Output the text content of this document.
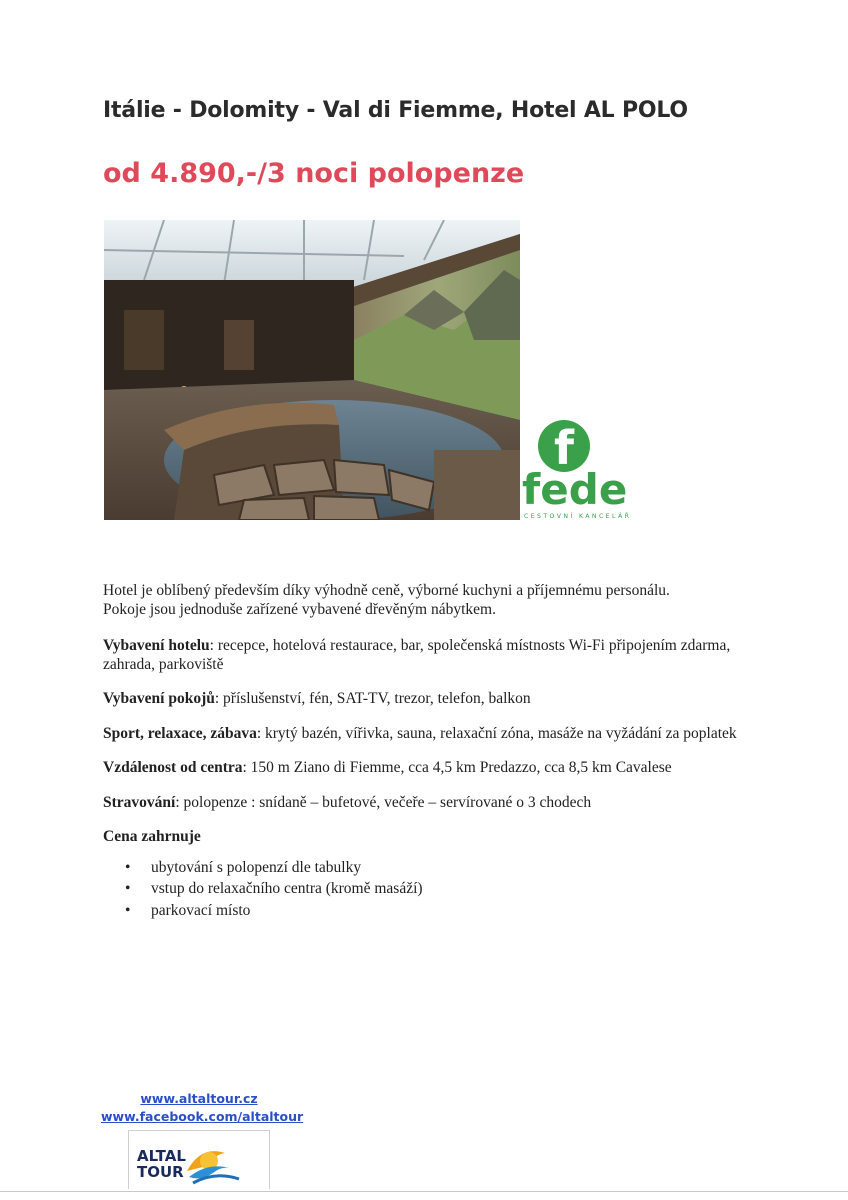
Itálie - Dolomity - Val di Fiemme, Hotel AL POLO
od 4.890,-/3 noci polopenze
f
fede
CESTOVNÍ KANCELÁŘ

Hotel je oblíbený především díky výhodně ceně, výborné kuchyni a příjemnému personálu.
Pokoje jsou jednoduše zařízené vybavené dřevěným nábytkem.

Vybavení hotelu: recepce, hotelová restaurace, bar, společenská místnosts Wi-Fi připojením zdarma, zahrada, parkoviště

Vybavení pokojů: příslušenství, fén, SAT-TV, trezor, telefon, balkon

Sport, relaxace, zábava: krytý bazén, vířivka, sauna, relaxační zóna, masáže na vyžádání za poplatek

Vzdálenost od centra: 150 m Ziano di Fiemme, cca 4,5 km Predazzo, cca 8,5 km Cavalese

Stravování: polopenze : snídaně – bufetové, večeře – servírované o 3 chodech

Cena zahrnuje

• ubytování s polopenzí dle tabulky
• vstup do relaxačního centra (kromě masáží)
• parkovací místo
www.altaltour.cz
www.facebook.com/altaltour
ALTAL
TOUR
